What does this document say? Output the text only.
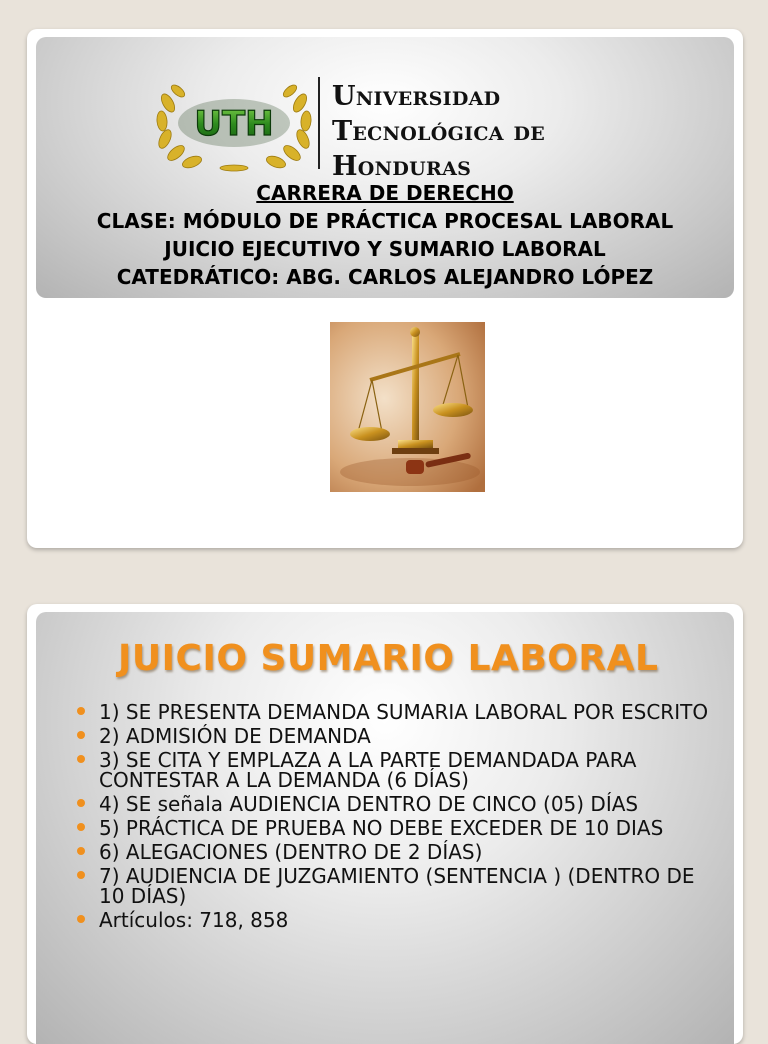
UTH
Universidad
Tecnológica de
Honduras
CARRERA DE DERECHO
CLASE: MÓDULO DE PRÁCTICA PROCESAL LABORAL
JUICIO EJECUTIVO Y SUMARIO LABORAL
CATEDRÁTICO: ABG. CARLOS ALEJANDRO LÓPEZ
JUICIO SUMARIO LABORAL
1) SE PRESENTA DEMANDA SUMARIA LABORAL POR ESCRITO
2) ADMISIÓN DE DEMANDA
3) SE CITA Y EMPLAZA A LA PARTE DEMANDADA PARA CONTESTAR A LA DEMANDA (6 DÍAS)
4) SE señala AUDIENCIA DENTRO DE CINCO (05) DÍAS
5) PRÁCTICA DE PRUEBA NO DEBE EXCEDER DE 10 DIAS
6) ALEGACIONES (DENTRO DE 2 DÍAS)
7) AUDIENCIA DE JUZGAMIENTO (SENTENCIA ) (DENTRO DE 10 DÍAS)
Artículos: 718, 858
